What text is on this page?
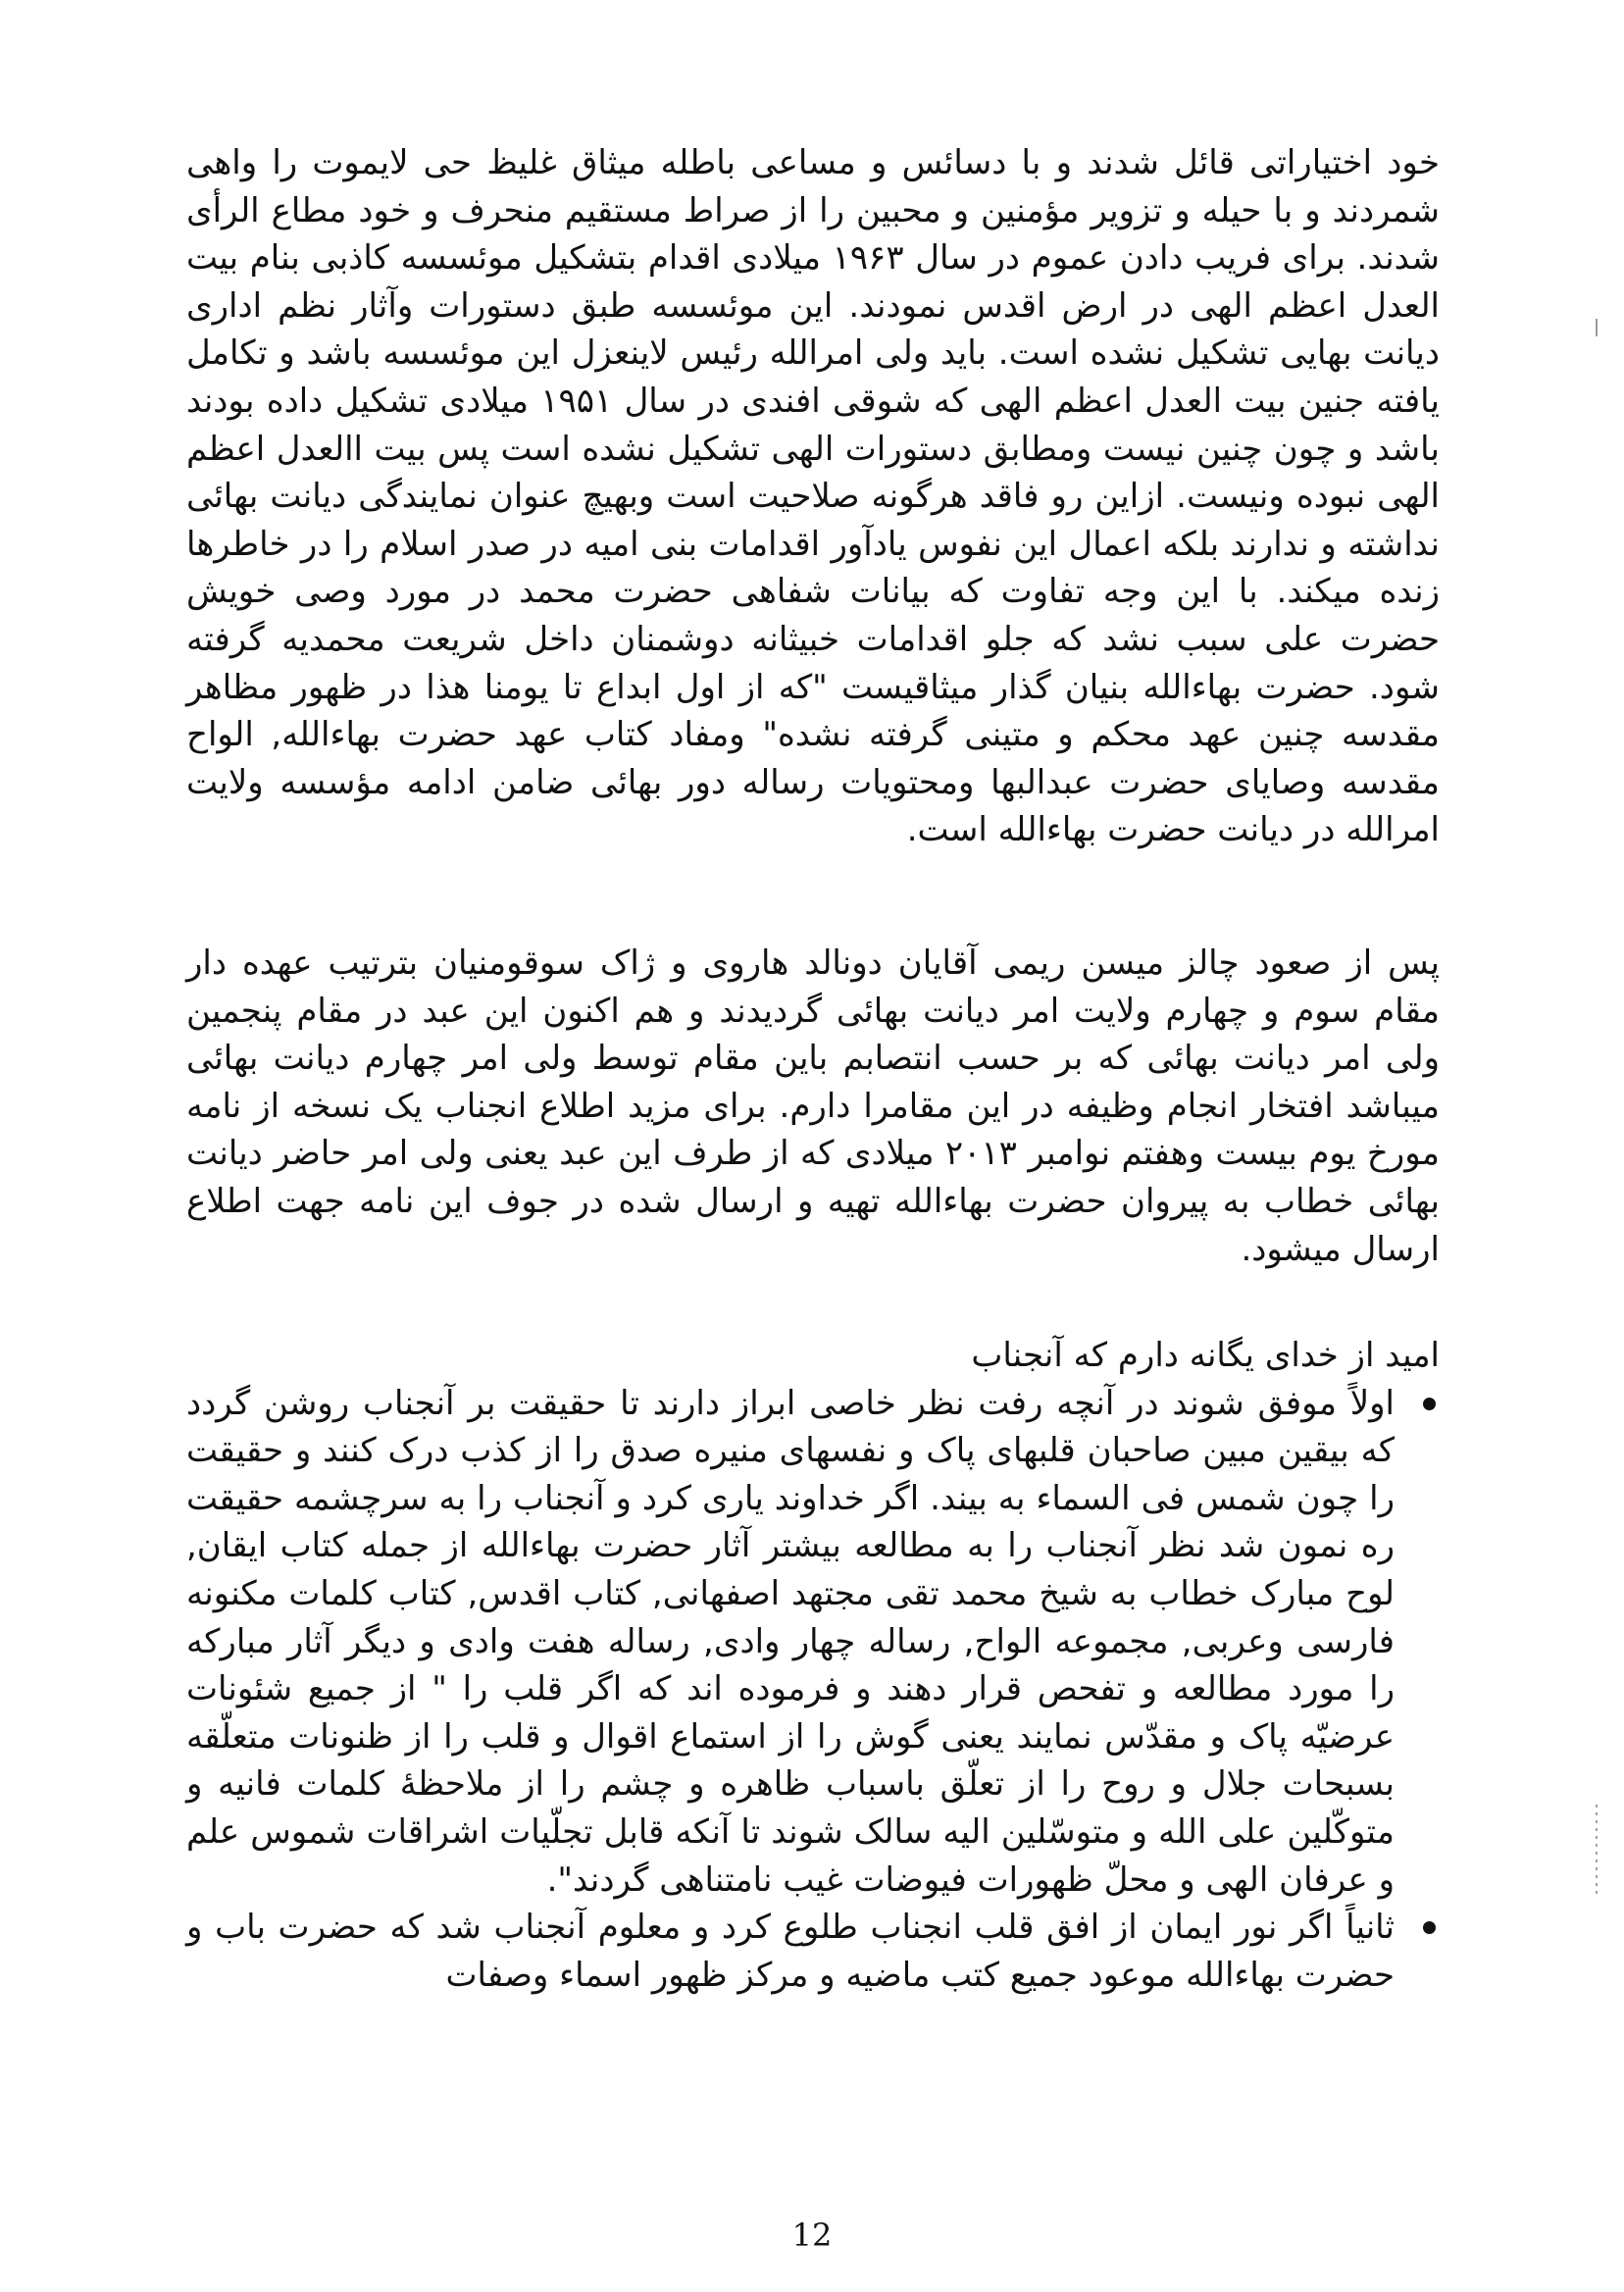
خود اختیاراتی قائل شدند و با دسائس و مساعی باطله میثاق غلیظ حی لایموت را واهی شمردند و با حیله و تزویر مؤمنین و محبین را از صراط مستقیم منحرف و خود مطاع الرأی شدند. برای فریب دادن عموم در سال ۱۹۶۳ میلادی اقدام بتشکیل موئسسه کاذبی بنام بیت العدل اعظم الهی در ارض اقدس نمودند. این موئسسه طبق دستورات وآثار نظم اداری دیانت بهایی تشکیل نشده است. باید ولی امرالله رئیس لاینعزل این موئسسه باشد و تکامل یافته جنین بیت العدل اعظم الهی که شوقی افندی در سال ۱۹۵۱ میلادی تشکیل داده بودند باشد و چون چنین نیست ومطابق دستورات الهی تشکیل نشده است پس بیت االعدل اعظم الهی نبوده ونیست. ازاین رو فاقد هرگونه صلاحیت است وبهیچ عنوان نمایندگی دیانت بهائی نداشته و ندارند بلکه اعمال این نفوس یادآور اقدامات بنی امیه در صدر اسلام را در خاطرها زنده میکند. با این وجه تفاوت که بیانات شفاهی حضرت محمد در مورد وصی خویش حضرت علی سبب نشد که جلو اقدامات خبیثانه دوشمنان داخل شریعت محمدیه گرفته شود. حضرت بهاءالله بنیان گذار میثاقیست "که از اول ابداع تا یومنا هذا در ظهور مظاهر مقدسه چنین عهد محکم و متینی گرفته نشده" ومفاد کتاب عهد حضرت بهاءالله, الواح مقدسه وصایای حضرت عبدالبها ومحتویات رساله دور بهائی ضامن ادامه مؤسسه ولایت امرالله در دیانت حضرت بهاءالله است.

پس از صعود چالز میسن ریمی آقایان دونالد هاروی و ژاک سوقومنیان بترتیب عهده دار مقام سوم و چهارم ولایت امر دیانت بهائی گردیدند و هم اکنون این عبد در مقام پنجمین ولی امر دیانت بهائی که بر حسب انتصابم باین مقام توسط ولی امر چهارم دیانت بهائی میباشد افتخار انجام وظیفه در این مقامرا دارم. برای مزید اطلاع انجناب یک نسخه از نامه مورخ یوم بیست وهفتم نوامبر ۲۰۱۳ میلادی که از طرف این عبد یعنی ولی امر حاضر دیانت بهائی خطاب به پیروان حضرت بهاءالله تهیه و ارسال شده در جوف این نامه جهت اطلاع ارسال میشود.

امید از خدای یگانه دارم که آنجناب
اولاً موفق شوند در آنچه رفت نظر خاصی ابراز دارند تا حقیقت بر آنجناب روشن گردد که بیقین مبین صاحبان قلبهای پاک و نفسهای منیره صدق را از کذب درک کنند و حقیقت را چون شمس فی السماء به بیند. اگر خداوند یاری کرد و آنجناب را به سرچشمه حقیقت ره نمون شد نظر آنجناب را به مطالعه بیشتر آثار حضرت بهاءالله از جمله کتاب ایقان, لوح مبارک خطاب به شیخ محمد تقی مجتهد اصفهانی, کتاب اقدس, کتاب کلمات مکنونه فارسی وعربی, مجموعه الواح, رساله چهار وادی, رساله هفت وادی و دیگر آثار مبارکه را مورد مطالعه و تفحص قرار دهند و فرموده اند که اگر قلب را " از جمیع شئونات عرضیّه پاک و مقدّس نمایند یعنی گوش را از استماع اقوال و قلب را از ظنونات متعلّقه بسبحات جلال و روح را از تعلّق باسباب ظاهره و چشم را از ملاحظهٔ کلمات فانیه و متوکّلین علی الله و متوسّلین الیه سالک شوند تا آنکه قابل تجلّیات اشراقات شموس علم و عرفان الهی و محلّ ظهورات فیوضات غیب نامتناهی گردند".
ثانیاً اگر نور ایمان از افق قلب انجناب طلوع کرد و معلوم آنجناب شد که حضرت باب و حضرت بهاءالله موعود جمیع کتب ماضیه و مرکز ظهور اسماء وصفات
12
